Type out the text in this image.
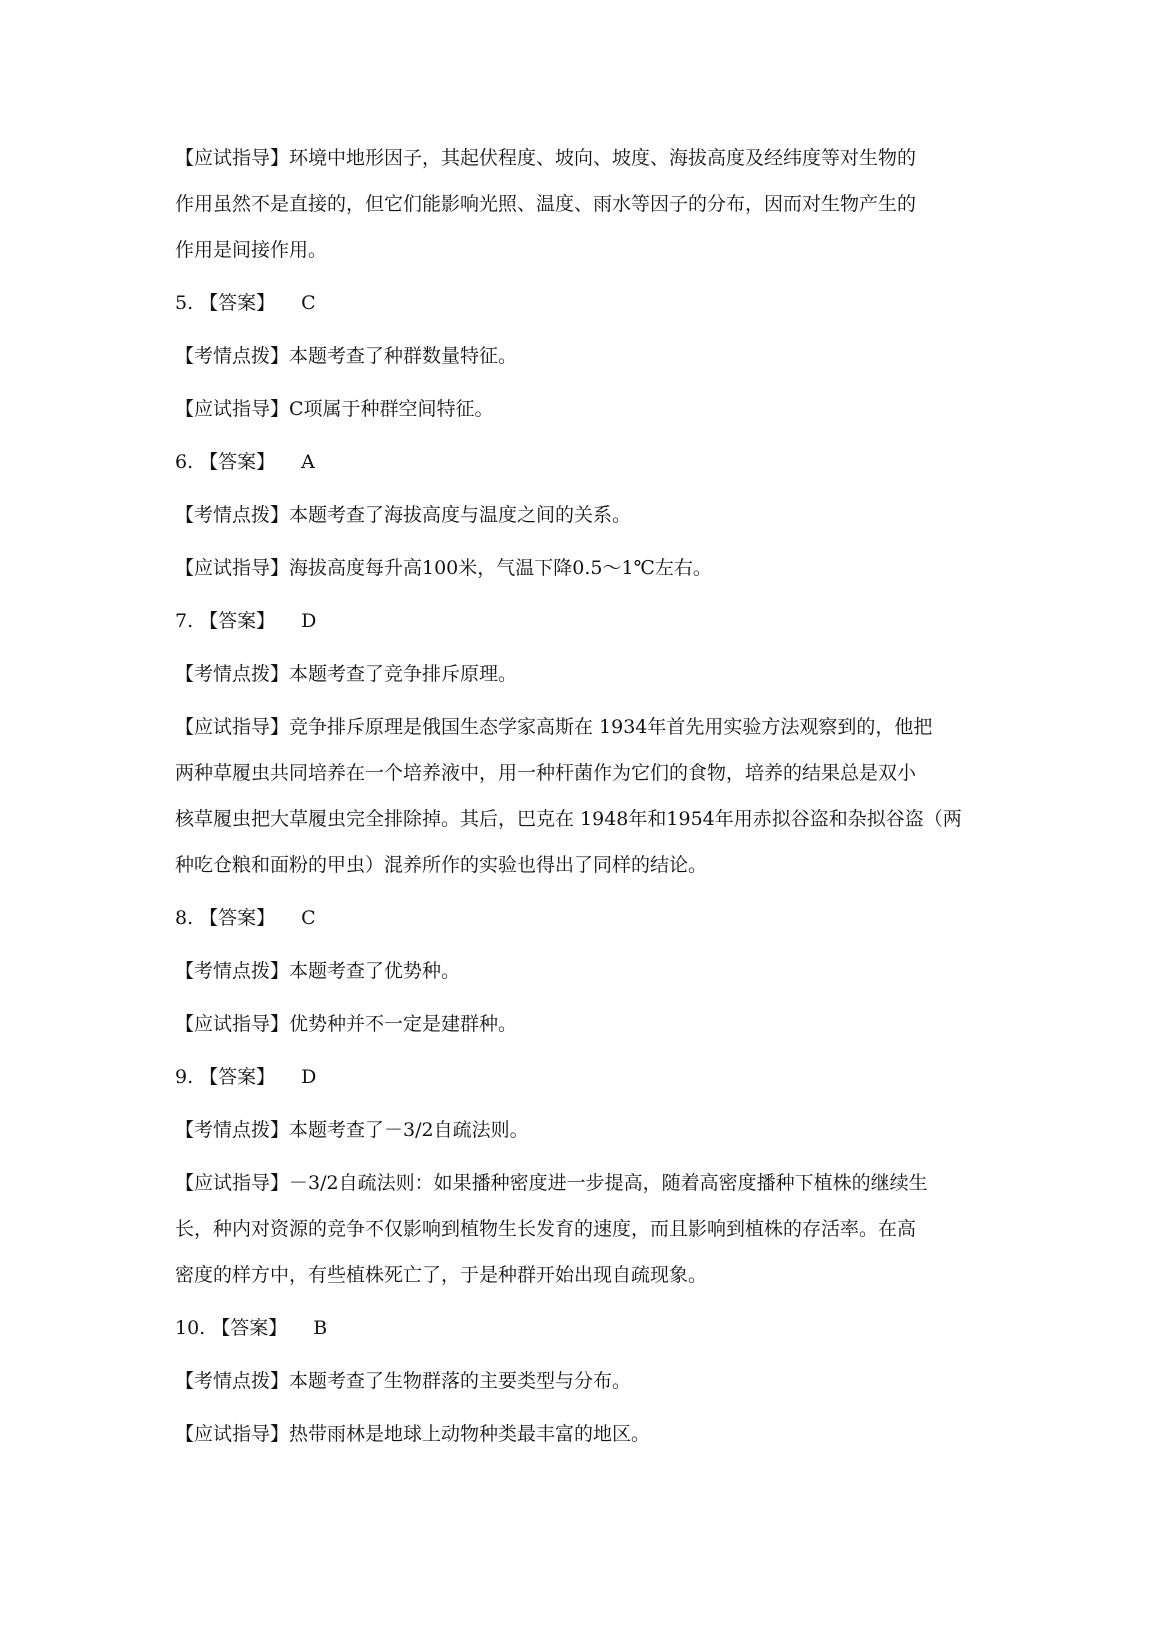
【应试指导】环境中地形因子，其起伏程度、坡向、坡度、海拔高度及经纬度等对生物的

作用虽然不是直接的，但它们能影响光照、温度、雨水等因子的分布，因而对生物产生的

作用是间接作用。

5. 【答案】 C

【考情点拨】本题考查了种群数量特征。

【应试指导】C项属于种群空间特征。

6. 【答案】 A

【考情点拨】本题考查了海拔高度与温度之间的关系。

【应试指导】海拔高度每升高100米，气温下降0.5～1℃左右。

7. 【答案】 D

【考情点拨】本题考查了竞争排斥原理。

【应试指导】竞争排斥原理是俄国生态学家高斯在 1934年首先用实验方法观察到的，他把

两种草履虫共同培养在一个培养液中，用一种杆菌作为它们的食物，培养的结果总是双小

核草履虫把大草履虫完全排除掉。其后，巴克在 1948年和1954年用赤拟谷盗和杂拟谷盗（两

种吃仓粮和面粉的甲虫）混养所作的实验也得出了同样的结论。

8. 【答案】 C

【考情点拨】本题考查了优势种。

【应试指导】优势种并不一定是建群种。

9. 【答案】 D

【考情点拨】本题考查了－3/2自疏法则。

【应试指导】－3/2自疏法则：如果播种密度进一步提高，随着高密度播种下植株的继续生

长，种内对资源的竞争不仅影响到植物生长发育的速度，而且影响到植株的存活率。在高

密度的样方中，有些植株死亡了，于是种群开始出现自疏现象。

10. 【答案】 B

【考情点拨】本题考查了生物群落的主要类型与分布。

【应试指导】热带雨林是地球上动物种类最丰富的地区。
